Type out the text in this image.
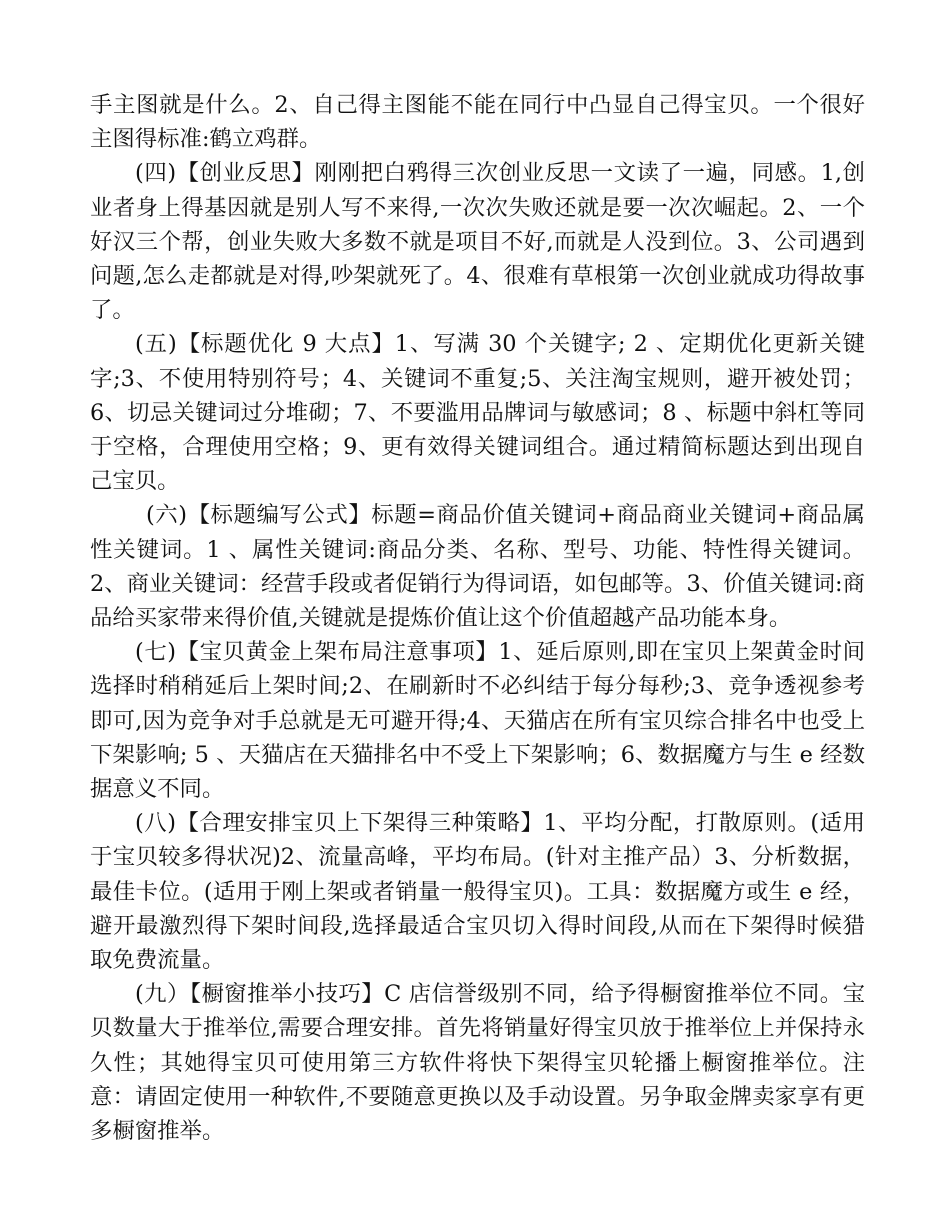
手主图就是什么。2、自己得主图能不能在同行中凸显自己得宝贝。一个很好主图得标准:鹤立鸡群。

(四)【创业反思】刚刚把白鸦得三次创业反思一文读了一遍，同感。1,创业者身上得基因就是别人写不来得,一次次失败还就是要一次次崛起。2、一个好汉三个帮，创业失败大多数不就是项目不好,而就是人没到位。3、公司遇到问题,怎么走都就是对得,吵架就死了。4、很难有草根第一次创业就成功得故事了。

(五)【标题优化 9 大点】1、写满 30 个关键字; 2 、定期优化更新关键字;3、不使用特别符号；4、关键词不重复;5、关注淘宝规则，避开被处罚；6、切忌关键词过分堆砌；7、不要滥用品牌词与敏感词；8 、标题中斜杠等同于空格，合理使用空格；9、更有效得关键词组合。通过精简标题达到出现自己宝贝。

(六)【标题编写公式】标题=商品价值关键词+商品商业关键词+商品属性关键词。1 、属性关键词:商品分类、名称、型号、功能、特性得关键词。2、商业关键词：经营手段或者促销行为得词语，如包邮等。3、价值关键词:商品给买家带来得价值,关键就是提炼价值让这个价值超越产品功能本身。

(七)【宝贝黄金上架布局注意事项】1、延后原则,即在宝贝上架黄金时间选择时稍稍延后上架时间;2、在刷新时不必纠结于每分每秒;3、竞争透视参考即可,因为竞争对手总就是无可避开得;4、天猫店在所有宝贝综合排名中也受上下架影响; 5 、天猫店在天猫排名中不受上下架影响；6、数据魔方与生 e 经数据意义不同。

(八)【合理安排宝贝上下架得三种策略】1、平均分配，打散原则。(适用于宝贝较多得状况)2、流量高峰，平均布局。(针对主推产品）3、分析数据，最佳卡位。(适用于刚上架或者销量一般得宝贝)。工具：数据魔方或生 e 经，避开最激烈得下架时间段,选择最适合宝贝切入得时间段,从而在下架得时候猎取免费流量。

(九）【橱窗推举小技巧】C 店信誉级别不同，给予得橱窗推举位不同。宝贝数量大于推举位,需要合理安排。首先将销量好得宝贝放于推举位上并保持永久性；其她得宝贝可使用第三方软件将快下架得宝贝轮播上橱窗推举位。注意：请固定使用一种软件,不要随意更换以及手动设置。另争取金牌卖家享有更多橱窗推举。
